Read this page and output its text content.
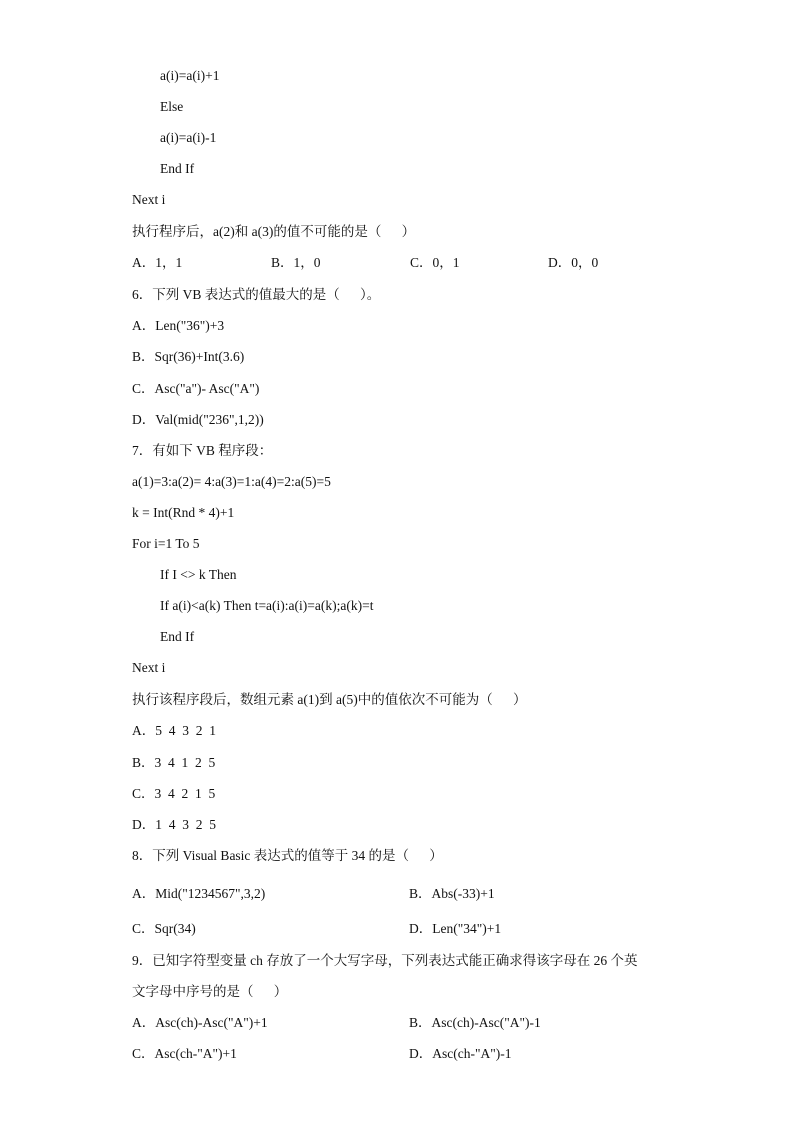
a(i)=a(i)+1
Else
a(i)=a(i)-1
End If
Next i
执行程序后，a(2)和 a(3)的值不可能的是（      ）
A．1，1	B．1，0	C．0，1	D．0，0
6．下列 VB 表达式的值最大的是（      ）。
A．Len("36")+3
B．Sqr(36)+Int(3.6)
C．Asc("a")- Asc("A")
D．Val(mid("236",1,2))
7．有如下 VB 程序段：
a(1)=3:a(2)= 4:a(3)=1:a(4)=2:a(5)=5
k = Int(Rnd * 4)+1
For i=1 To 5
If I <> k Then
If a(i)<a(k) Then t=a(i):a(i)=a(k);a(k)=t
End If
Next i
执行该程序段后，数组元素 a(1)到 a(5)中的值依次不可能为（      ）
A．5  4  3  2  1
B．3  4  1  2  5
C．3  4  2  1  5
D．1  4  3  2  5
8．下列 Visual Basic 表达式的值等于 34 的是（      ）
A．Mid("1234567",3,2)	B．Abs(-33)+1
C．Sqr(34)	D．Len("34")+1
9．已知字符型变量 ch 存放了一个大写字母，下列表达式能正确求得该字母在 26 个英
文字母中序号的是（      ）
A．Asc(ch)-Asc("A")+1	B．Asc(ch)-Asc("A")-1
C．Asc(ch-"A")+1	D．Asc(ch-"A")-1
